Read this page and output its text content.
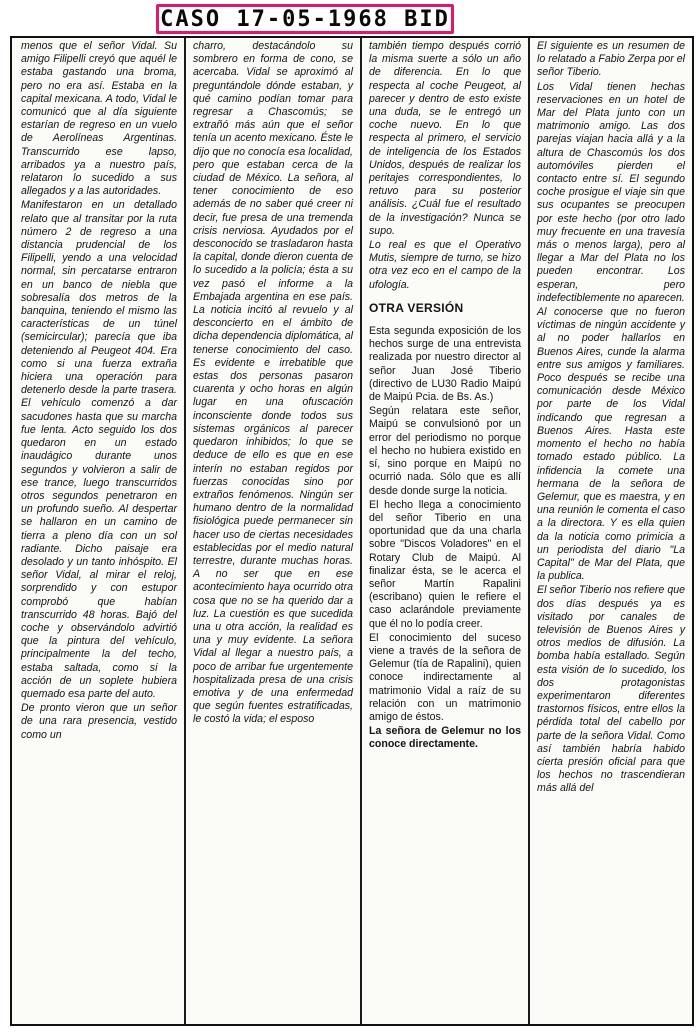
CASO 17-05-1968 BID

menos que el señor Vidal. Su amigo Filipelli creyó que aquél le estaba gastando una broma, pero no era así. Estaba en la capital mexicana. A todo, Vidal le comunicó que al día siguiente estarían de regreso en un vuelo de Aerolíneas Argentinas. Transcurrido ese lapso, arribados ya a nuestro país, relataron lo sucedido a sus allegados y a las autoridades.

Manifestaron en un detallado relato que al transitar por la ruta número 2 de regreso a una distancia prudencial de los Filipelli, yendo a una velocidad normal, sin percatarse entraron en un banco de niebla que sobresalía dos metros de la banquina, teniendo el mismo las características de un túnel (semicircular); parecía que iba deteniendo al Peugeot 404. Era como si una fuerza extraña hiciera una operación para detenerlo desde la parte trasera. El vehículo comenzó a dar sacudones hasta que su marcha fue lenta. Acto seguido los dos quedaron en un estado inaudágico durante unos segundos y volvieron a salir de ese trance, luego transcurridos otros segundos penetraron en un profundo sueño. Al despertar se hallaron en un camino de tierra a pleno día con un sol radiante. Dicho paisaje era desolado y un tanto inhóspito. El señor Vidal, al mirar el reloj, sorprendido y con estupor comprobó que habían transcurrido 48 horas. Bajó del coche y observándolo advirtió que la pintura del vehículo, principalmente la del techo, estaba saltada, como si la acción de un soplete hubiera quemado esa parte del auto.

De pronto vieron que un señor de una rara presencia, vestido como un

charro, destacándolo su sombrero en forma de cono, se acercaba. Vidal se aproximó al preguntándole dónde estaban, y qué camino podían tomar para regresar a Chascomús; se extrañó más aún que el señor tenía un acento mexicano. Éste le dijo que no conocía esa localidad, pero que estaban cerca de la ciudad de México. La señora, al tener conocimiento de eso además de no saber qué creer ni decir, fue presa de una tremenda crisis nerviosa. Ayudados por el desconocido se trasladaron hasta la capital, donde dieron cuenta de lo sucedido a la policía; ésta a su vez pasó el informe a la Embajada argentina en ese país. La noticia incitó al revuelo y al desconcierto en el ámbito de dicha dependencia diplomática, al tenerse conocimiento del caso. Es evidente e irrebatible que estas dos personas pasaron cuarenta y ocho horas en algún lugar en una ofuscación inconsciente donde todos sus sistemas orgánicos al parecer quedaron inhibidos; lo que se deduce de ello es que en ese interín no estaban regidos por fuerzas conocidas sino por extraños fenómenos. Ningún ser humano dentro de la normalidad fisiológica puede permanecer sin hacer uso de ciertas necesidades establecidas por el medio natural terrestre, durante muchas horas. A no ser que en ese acontecimiento haya ocurrido otra cosa que no se ha querido dar a luz. La cuestión es que sucedida una u otra acción, la realidad es una y muy evidente. La señora Vidal al llegar a nuestro país, a poco de arribar fue urgentemente hospitalizada presa de una crisis emotiva y de una enfermedad que según fuentes estratificadas, le costó la vida; el esposo

también tiempo después corrió la misma suerte a sólo un año de diferencia. En lo que respecta al coche Peugeot, al parecer y dentro de esto existe una duda, se le entregó un coche nuevo. En lo que respecta al primero, el servicio de inteligencia de los Estados Unidos, después de realizar los peritajes correspondientes, lo retuvo para su posterior análisis. ¿Cuál fue el resultado de la investigación? Nunca se supo.

Lo real es que el Operativo Mutis, siempre de turno, se hizo otra vez eco en el campo de la ufología.

OTRA VERSIÓN

Esta segunda exposición de los hechos surge de una entrevista realizada por nuestro director al señor Juan José Tiberio (directivo de LU30 Radio Maipú de Maipú Pcia. de Bs. As.)

Según relatara este señor, Maipú se convulsionó por un error del periodismo no porque el hecho no hubiera existido en sí, sino porque en Maipú no ocurrió nada. Sólo que es allí desde donde surge la noticia.

El hecho llega a conocimiento del señor Tiberio en una oportunidad que da una charla sobre "Discos Voladores" en el Rotary Club de Maipú. Al finalizar ésta, se le acerca el señor Martín Rapalini (escribano) quien le refiere el caso aclarándole previamente que él no lo podía creer.

El conocimiento del suceso viene a través de la señora de Gelemur (tía de Rapalini), quien conoce indirectamente al matrimonio Vidal a raíz de su relación con un matrimonio amigo de éstos.

La señora de Gelemur no los conoce directamente.

El siguiente es un resumen de lo relatado a Fabio Zerpa por el señor Tiberio.

Los Vidal tienen hechas reservaciones en un hotel de Mar del Plata junto con un matrimonio amigo. Las dos parejas viajan hacia allá y a la altura de Chascomús los dos automóviles pierden el contacto entre sí. El segundo coche prosigue el viaje sin que sus ocupantes se preocupen por este hecho (por otro lado muy frecuente en una travesía más o menos larga), pero al llegar a Mar del Plata no los pueden encontrar. Los esperan, pero indefectiblemente no aparecen.

Al conocerse que no fueron víctimas de ningún accidente y al no poder hallarlos en Buenos Aires, cunde la alarma entre sus amigos y familiares. Poco después se recibe una comunicación desde México por parte de los Vidal indicando que regresan a Buenos Aires. Hasta este momento el hecho no había tomado estado público. La infidencia la comete una hermana de la señora de Gelemur, que es maestra, y en una reunión le comenta el caso a la directora. Y es ella quien da la noticia como primicia a un periodista del diario "La Capital" de Mar del Plata, que la publica.

El señor Tiberio nos refiere que dos días después ya es visitado por canales de televisión de Buenos Aires y otros medios de difusión. La bomba había estallado. Según esta visión de lo sucedido, los dos protagonistas experimentaron diferentes trastornos físicos, entre ellos la pérdida total del cabello por parte de la señora Vidal. Como así también habría habido cierta presión oficial para que los hechos no trascendieran más allá del
